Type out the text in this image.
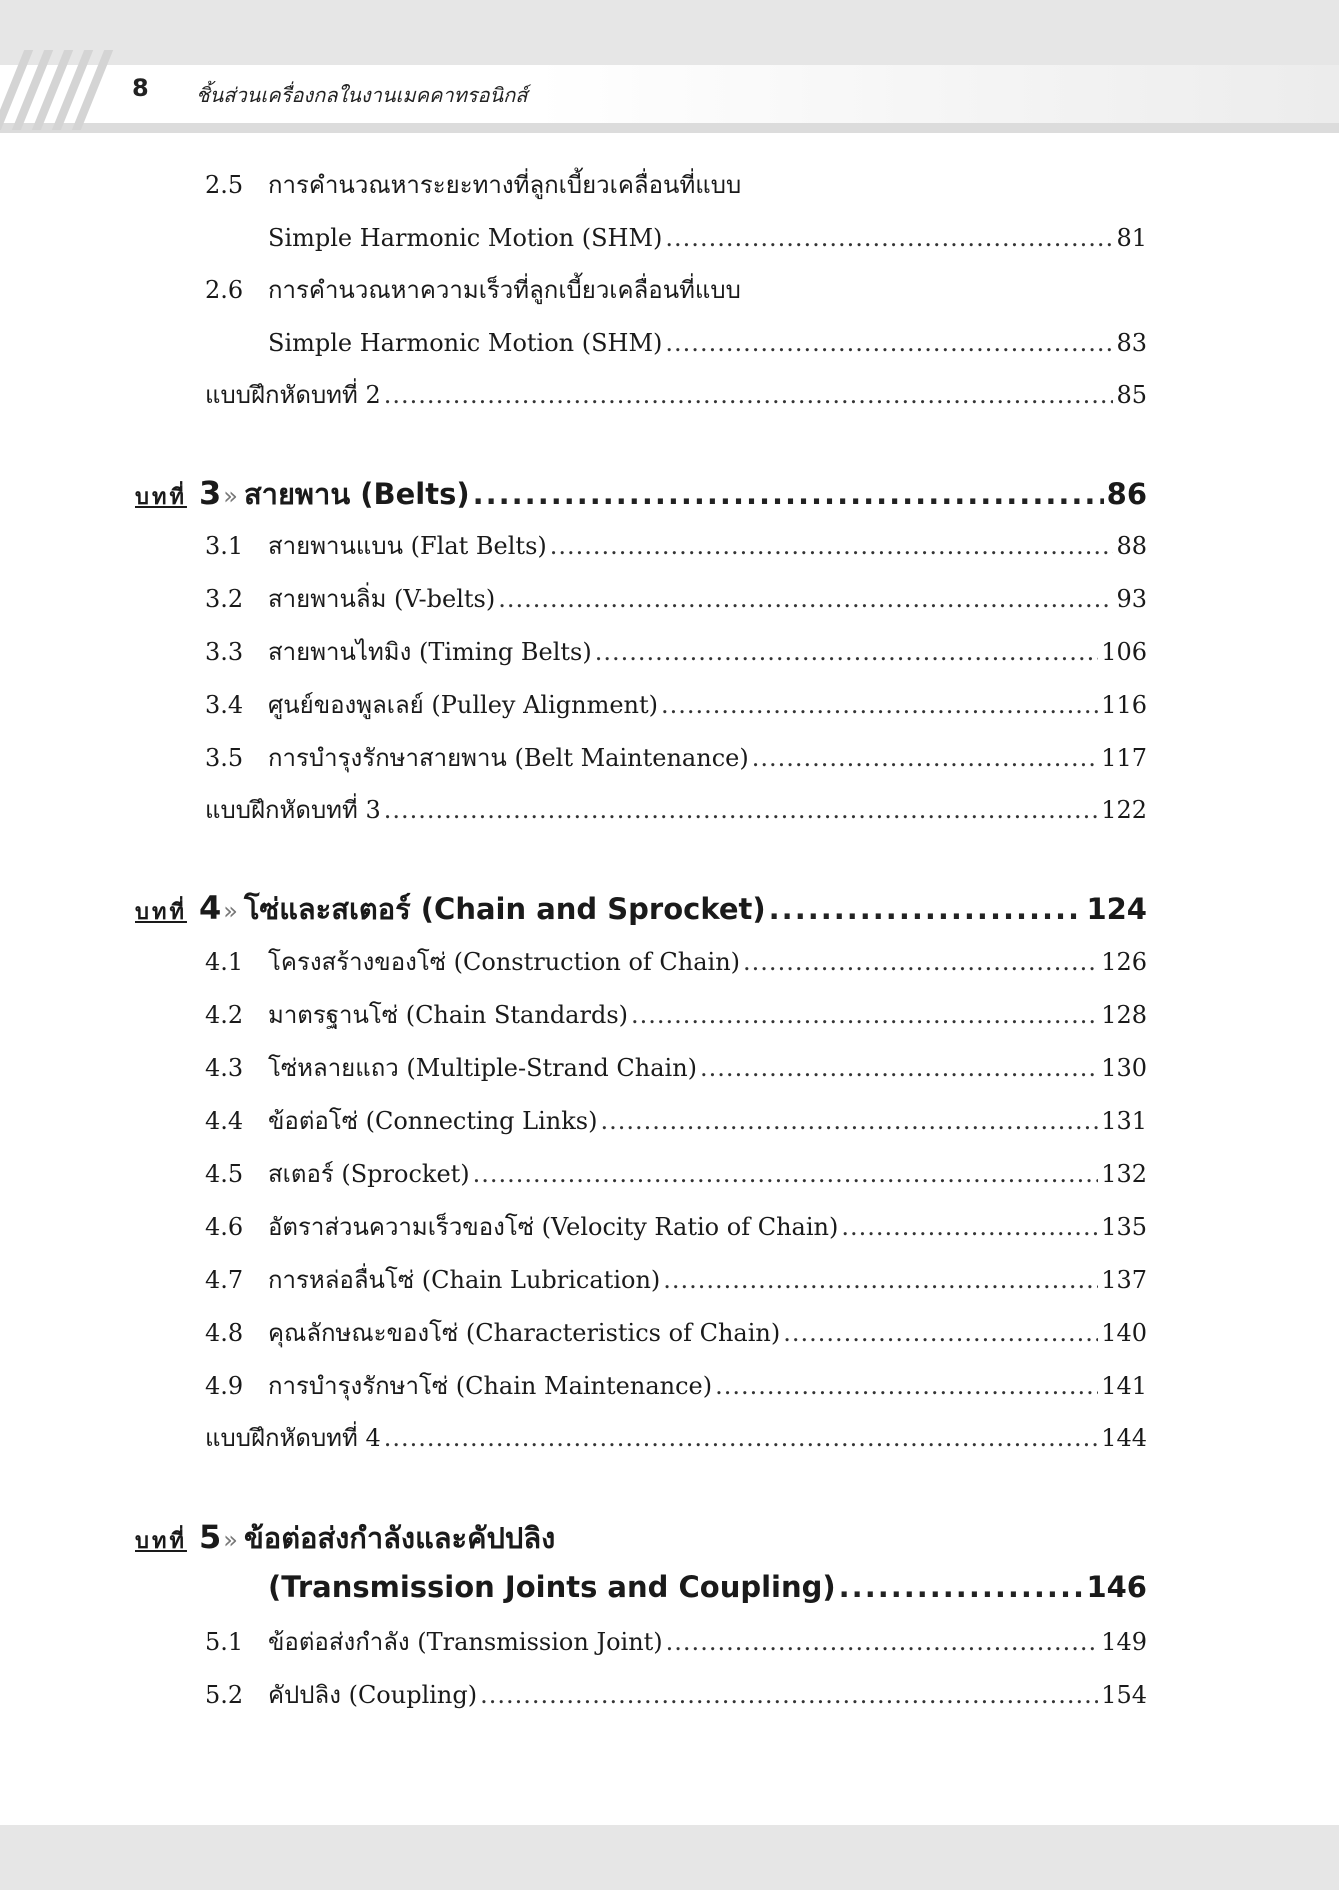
8 ชิ้นส่วนเครื่องกลในงานเมคคาทรอนิกส์
2.5	การคำนวณหาระยะทางที่ลูกเบี้ยวเคลื่อนที่แบบ
Simple Harmonic Motion (SHM) .....	81
2.6	การคำนวณหาความเร็วที่ลูกเบี้ยวเคลื่อนที่แบบ
Simple Harmonic Motion (SHM) .....	83
แบบฝึกหัดบทที่ 2 .....	85
บทที่ 3 » สายพาน (Belts) .....	86
3.1	สายพานแบน (Flat Belts) .....	88
3.2	สายพานลิ่ม (V-belts) .....	93
3.3	สายพานไทมิง (Timing Belts) .....	106
3.4	ศูนย์ของพูลเลย์ (Pulley Alignment) .....	116
3.5	การบำรุงรักษาสายพาน (Belt Maintenance) .....	117
แบบฝึกหัดบทที่ 3 .....	122
บทที่ 4 » โซ่และสเตอร์ (Chain and Sprocket) .....	124
4.1	โครงสร้างของโซ่ (Construction of Chain) .....	126
4.2	มาตรฐานโซ่ (Chain Standards) .....	128
4.3	โซ่หลายแถว (Multiple-Strand Chain) .....	130
4.4	ข้อต่อโซ่ (Connecting Links) .....	131
4.5	สเตอร์ (Sprocket) .....	132
4.6	อัตราส่วนความเร็วของโซ่ (Velocity Ratio of Chain) .....	135
4.7	การหล่อลื่นโซ่ (Chain Lubrication) .....	137
4.8	คุณลักษณะของโซ่ (Characteristics of Chain) .....	140
4.9	การบำรุงรักษาโซ่ (Chain Maintenance) .....	141
แบบฝึกหัดบทที่ 4 .....	144
บทที่ 5 » ข้อต่อส่งกำลังและคัปปลิง
(Transmission Joints and Coupling) .....	146
5.1	ข้อต่อส่งกำลัง (Transmission Joint) .....	149
5.2	คัปปลิง (Coupling) .....	154
